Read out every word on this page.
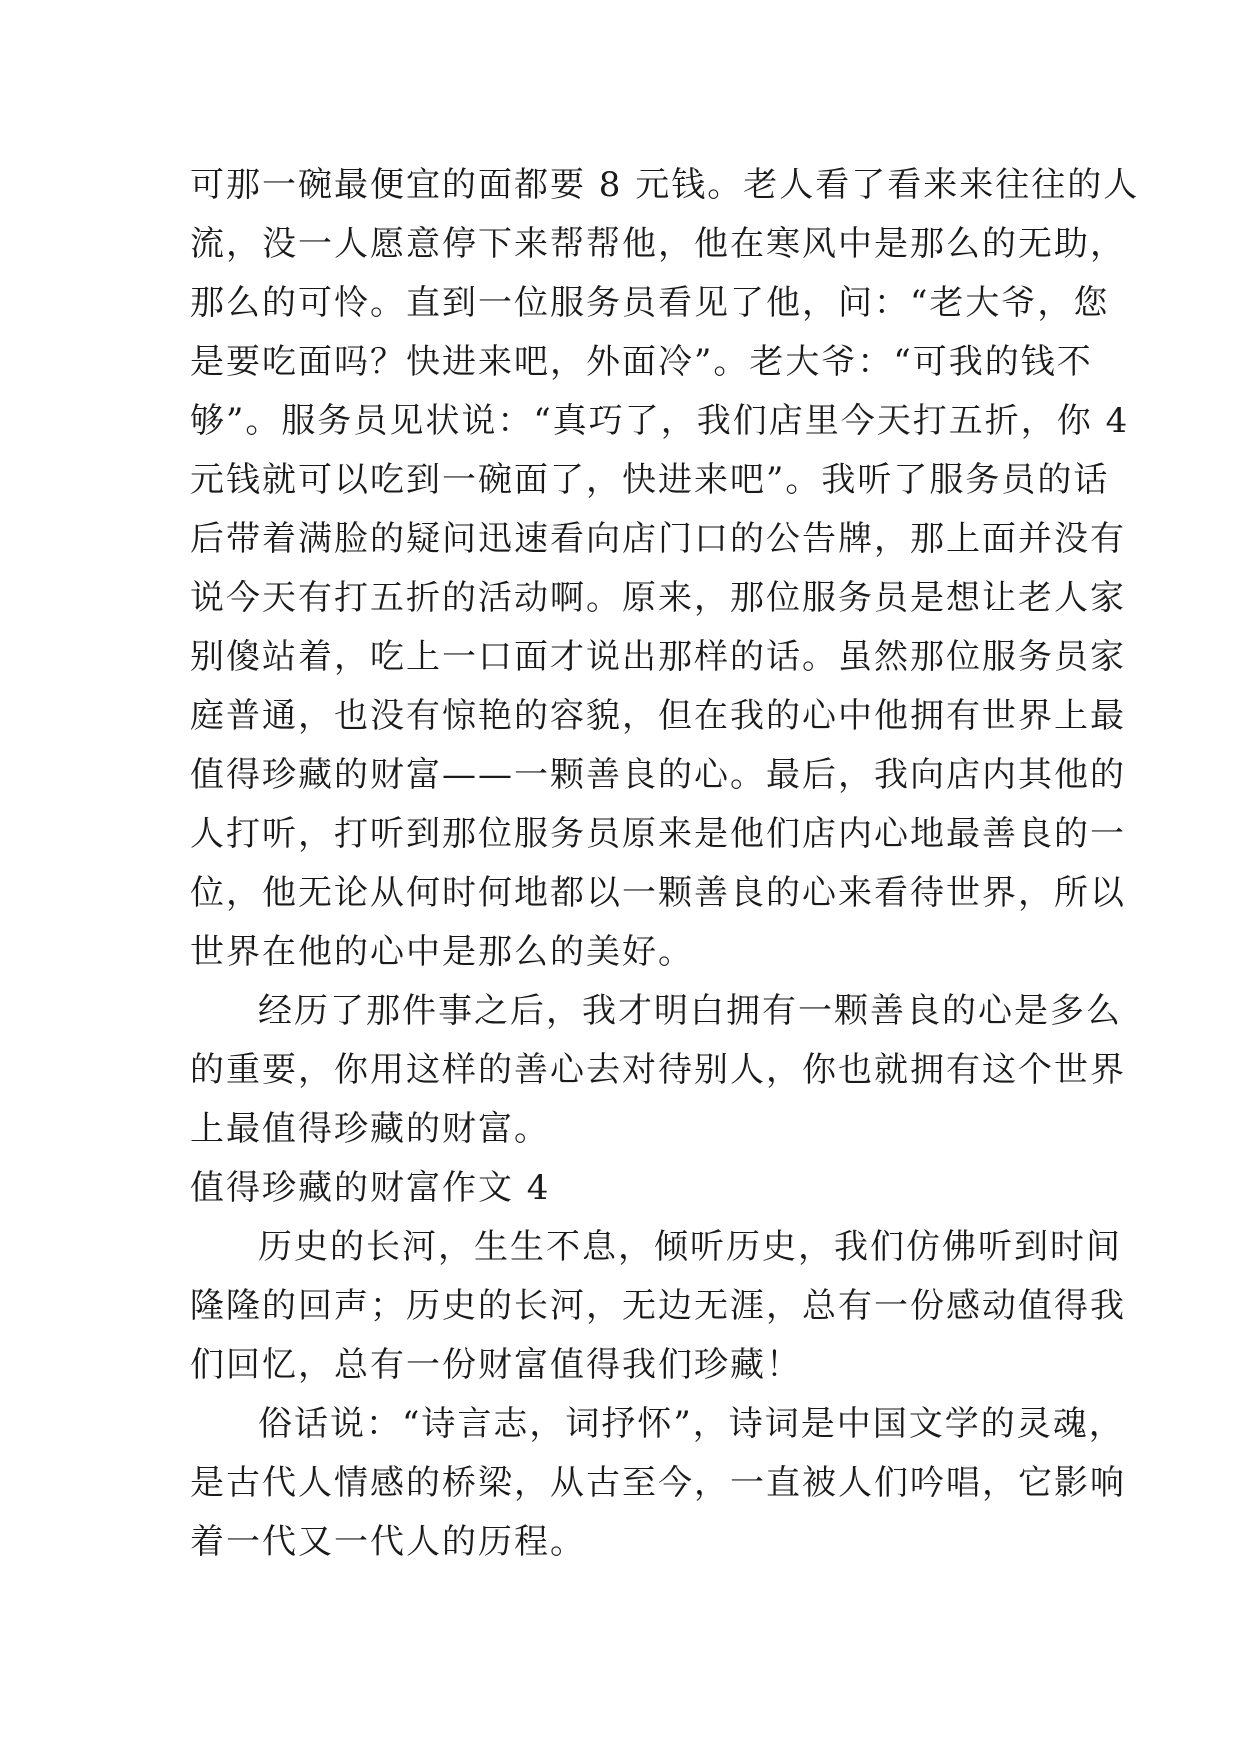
可那一碗最便宜的面都要 8 元钱。老人看了看来来往往的人
流，没一人愿意停下来帮帮他，他在寒风中是那么的无助，
那么的可怜。直到一位服务员看见了他，问：“老大爷，您
是要吃面吗？快进来吧，外面冷”。老大爷：“可我的钱不
够”。服务员见状说：“真巧了，我们店里今天打五折，你 4
元钱就可以吃到一碗面了，快进来吧”。我听了服务员的话
后带着满脸的疑问迅速看向店门口的公告牌，那上面并没有
说今天有打五折的活动啊。原来，那位服务员是想让老人家
别傻站着，吃上一口面才说出那样的话。虽然那位服务员家
庭普通，也没有惊艳的容貌，但在我的心中他拥有世界上最
值得珍藏的财富——一颗善良的心。最后，我向店内其他的
人打听，打听到那位服务员原来是他们店内心地最善良的一
位，他无论从何时何地都以一颗善良的心来看待世界，所以
世界在他的心中是那么的美好。
经历了那件事之后，我才明白拥有一颗善良的心是多么
的重要，你用这样的善心去对待别人，你也就拥有这个世界
上最值得珍藏的财富。
值得珍藏的财富作文 4
历史的长河，生生不息，倾听历史，我们仿佛听到时间
隆隆的回声；历史的长河，无边无涯，总有一份感动值得我
们回忆，总有一份财富值得我们珍藏！
俗话说：“诗言志，词抒怀”，诗词是中国文学的灵魂，
是古代人情感的桥梁，从古至今，一直被人们吟唱，它影响
着一代又一代人的历程。
